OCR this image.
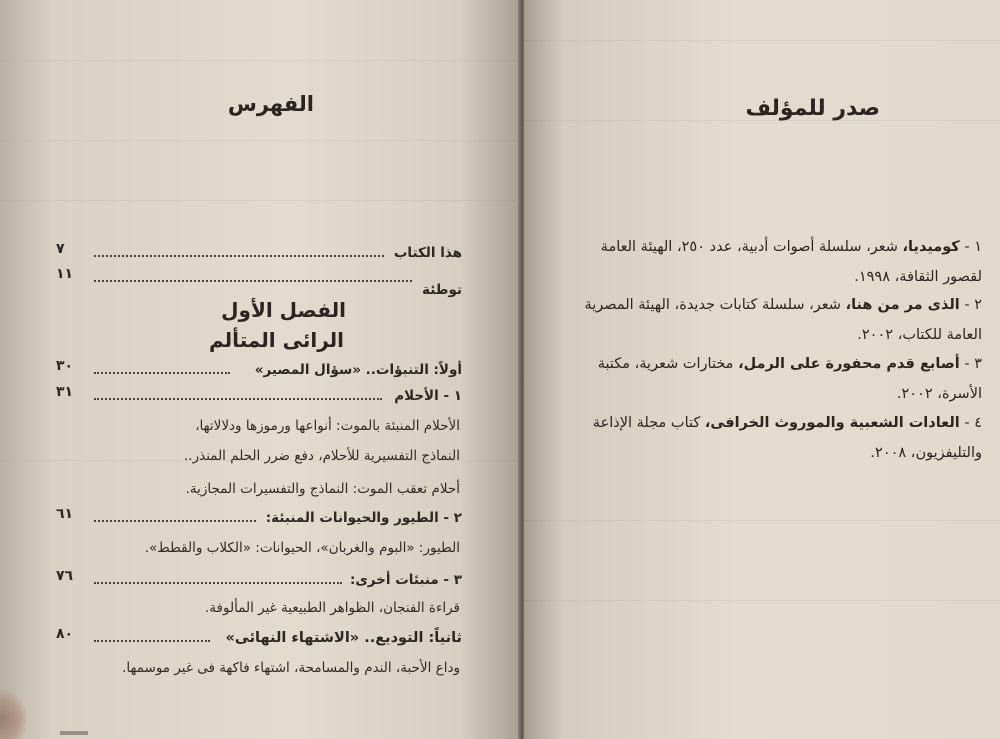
الفهرس
هذا الكتاب
٧
توطئة
١١
الفصل الأول
الرائى المتألم
أولاً: التنبؤات.. «سؤال المصير»
٣٠
١ - الأحلام
٣١
الأحلام المنبئة بالموت: أنواعها ورموزها ودلالاتها،
النماذج التفسيرية للأحلام، دفع ضرر الحلم المنذر..
أحلام تعقب الموت: النماذج والتفسيرات المجازية.
٢ - الطيور والحيوانات المنبئة:
٦١
الطيور: «البوم والغربان»، الحيوانات: «الكلاب والقطط».
٣ - منبئات أخرى:
٧٦
قراءة الفنجان، الظواهر الطبيعية غير المألوفة.
ثانياً: التوديع.. «الاشتهاء النهائى»
٨٠
وداع الأحبة، الندم والمسامحة، اشتهاء فاكهة فى غير موسمها.
صدر للمؤلف
١ - كوميديا، شعر، سلسلة أصوات أدبية، عدد ٢٥٠، الهيئة العامة
لقصور الثقافة، ١٩٩٨.
٢ - الذى مر من هنا، شعر، سلسلة كتابات جديدة، الهيئة المصرية
العامة للكتاب، ٢٠٠٢.
٣ - أصابع قدم محفورة على الرمل، مختارات شعرية، مكتبة
الأسرة، ٢٠٠٢.
٤ - العادات الشعبية والموروث الخرافى، كتاب مجلة الإذاعة
والتليفزيون، ٢٠٠٨.
